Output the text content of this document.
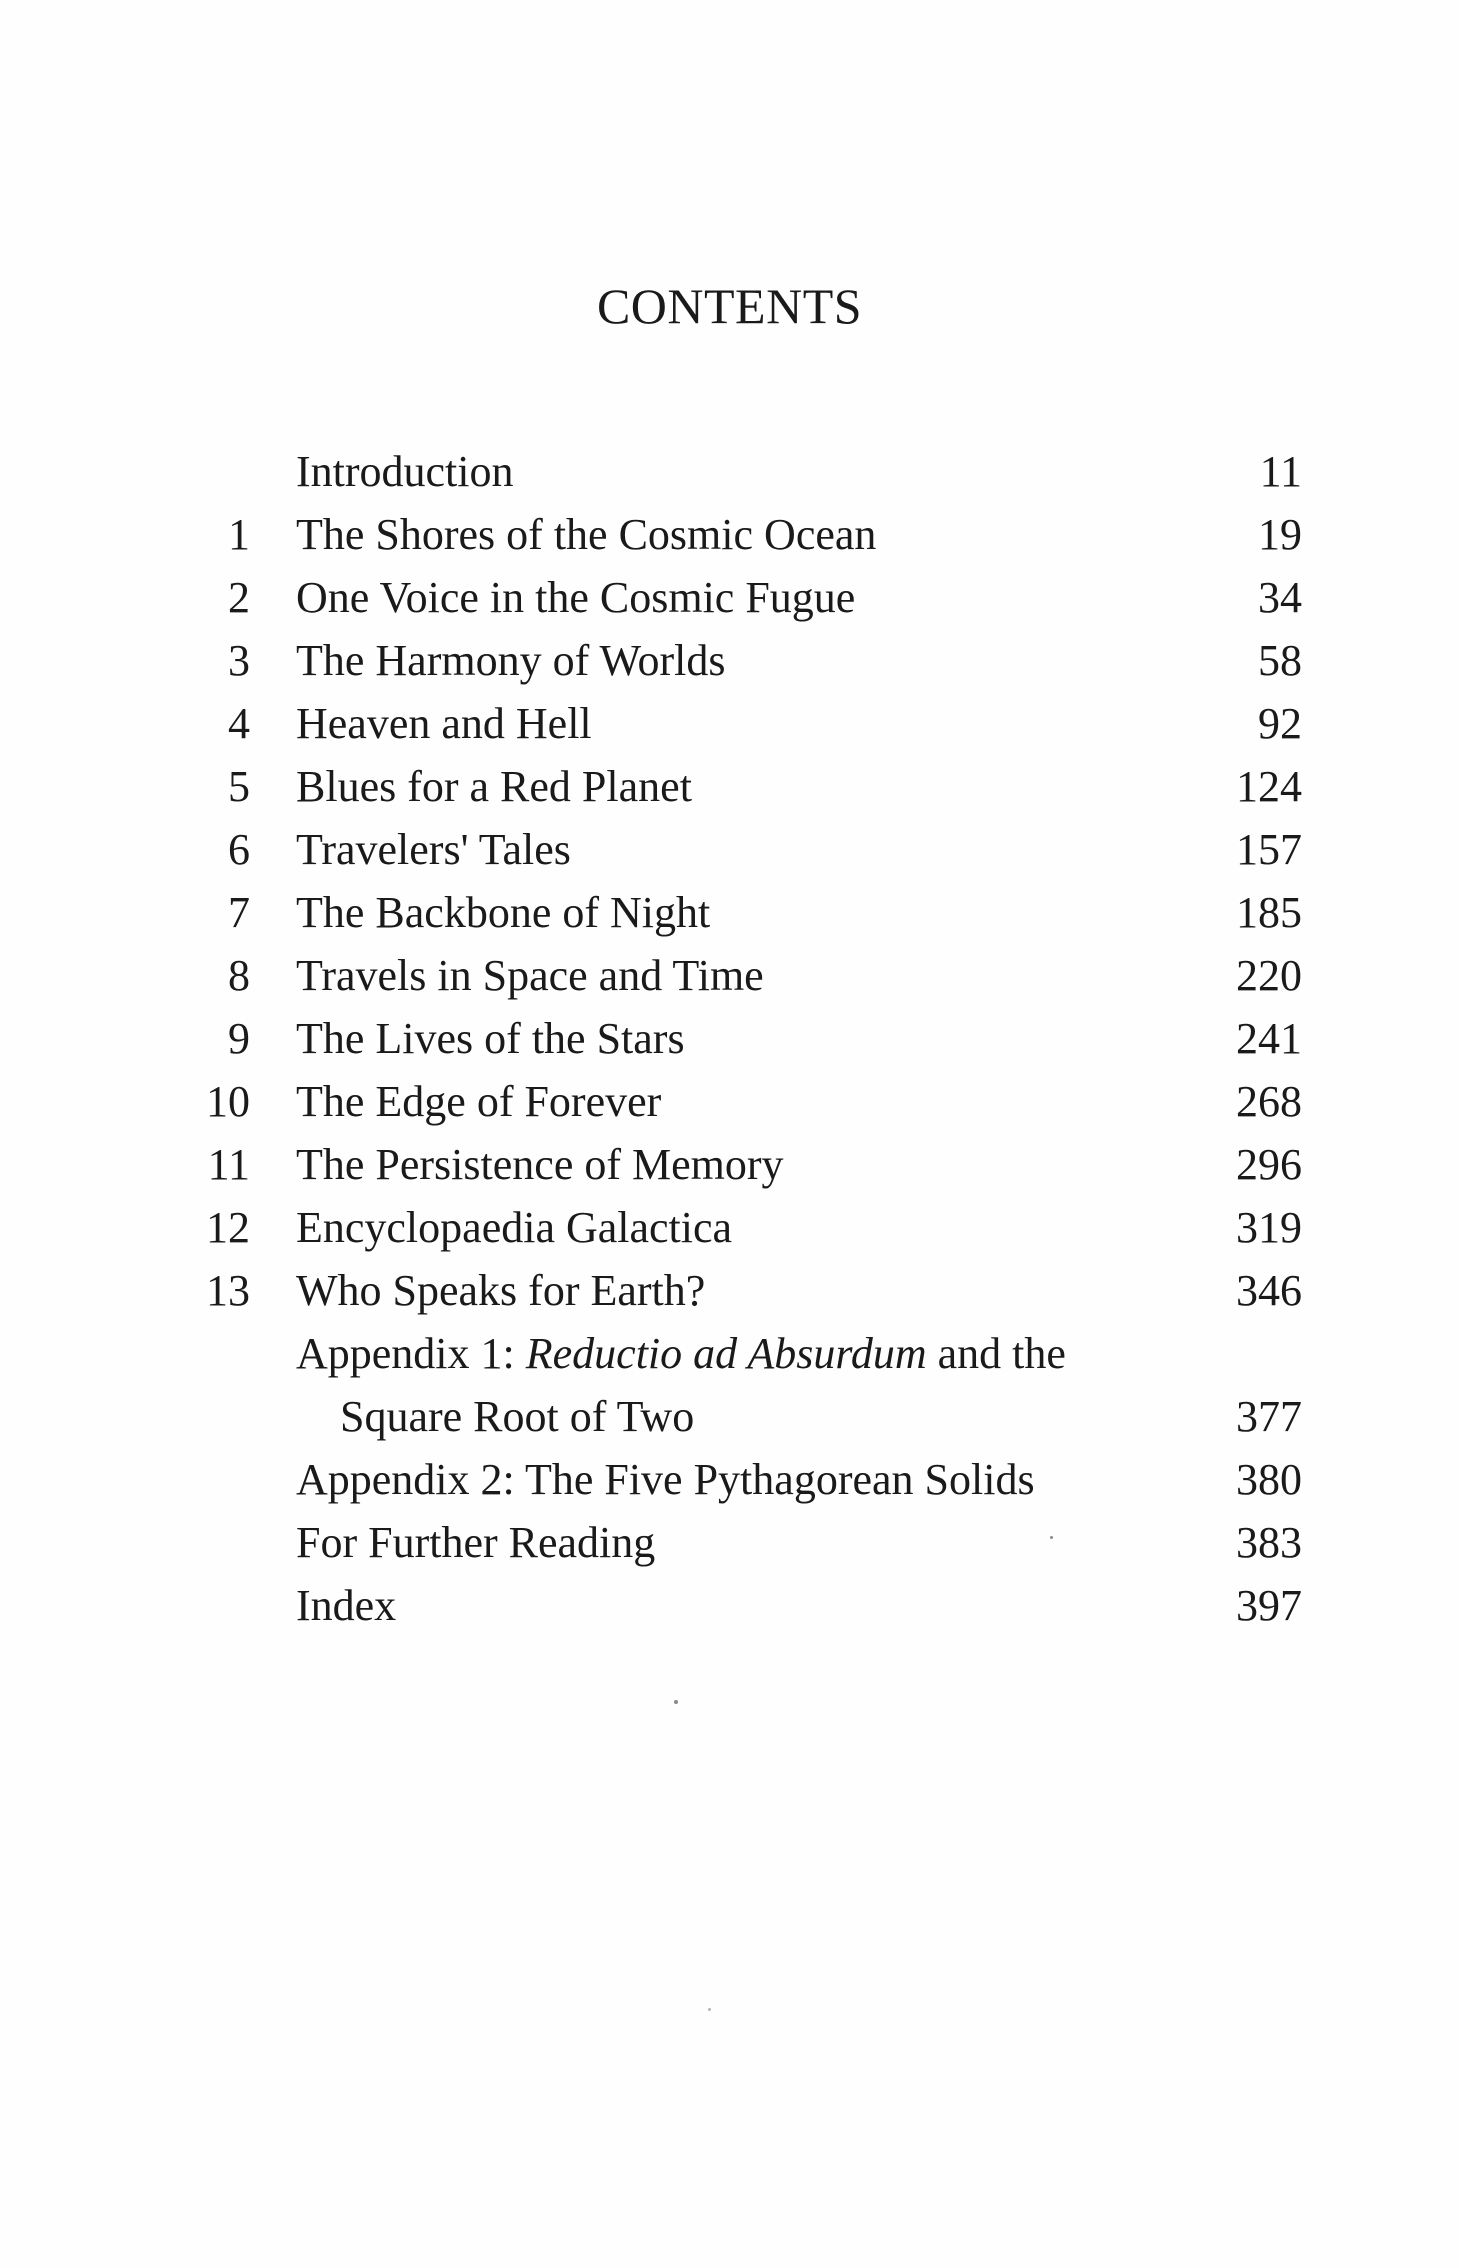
CONTENTS
Introduction	11
1 The Shores of the Cosmic Ocean	19
2 One Voice in the Cosmic Fugue	34
3 The Harmony of Worlds	58
4 Heaven and Hell	92
5 Blues for a Red Planet	124
6 Travelers' Tales	157
7 The Backbone of Night	185
8 Travels in Space and Time	220
9 The Lives of the Stars	241
10 The Edge of Forever	268
11 The Persistence of Memory	296
12 Encyclopaedia Galactica	319
13 Who Speaks for Earth?	346
Appendix 1: Reductio ad Absurdum and the
Square Root of Two	377
Appendix 2: The Five Pythagorean Solids	380
For Further Reading	383
Index	397
